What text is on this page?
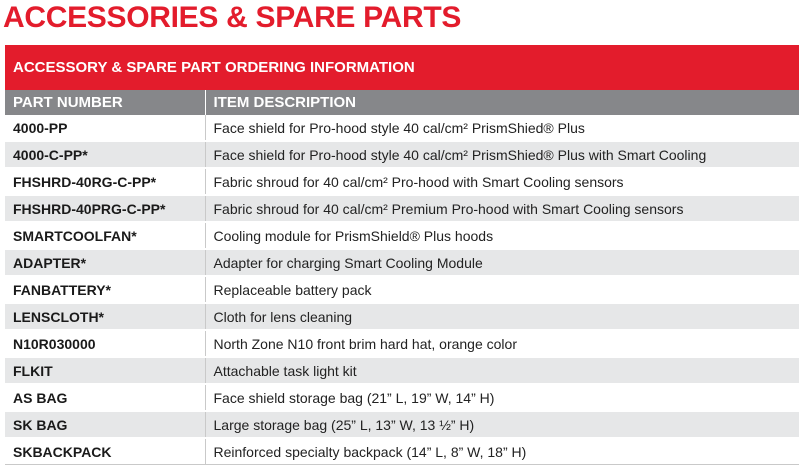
ACCESSORIES & SPARE PARTS
ACCESSORY & SPARE PART ORDERING INFORMATION
PART NUMBER	ITEM DESCRIPTION
4000-PP	Face shield for Pro-hood style 40 cal/cm² PrismShied® Plus
4000-C-PP*	Face shield for Pro-hood style 40 cal/cm² PrismShied® Plus with Smart Cooling
FHSHRD-40RG-C-PP*	Fabric shroud for 40 cal/cm² Pro-hood with Smart Cooling sensors
FHSHRD-40PRG-C-PP*	Fabric shroud for 40 cal/cm² Premium Pro-hood with Smart Cooling sensors
SMARTCOOLFAN*	Cooling module for PrismShield® Plus hoods
ADAPTER*	Adapter for charging Smart Cooling Module
FANBATTERY*	Replaceable battery pack
LENSCLOTH*	Cloth for lens cleaning
N10R030000	North Zone N10 front brim hard hat, orange color
FLKIT	Attachable task light kit
AS BAG	Face shield storage bag (21” L, 19” W, 14” H)
SK BAG	Large storage bag (25” L, 13” W, 13 ½” H)
SKBACKPACK	Reinforced specialty backpack (14” L, 8” W, 18” H)
